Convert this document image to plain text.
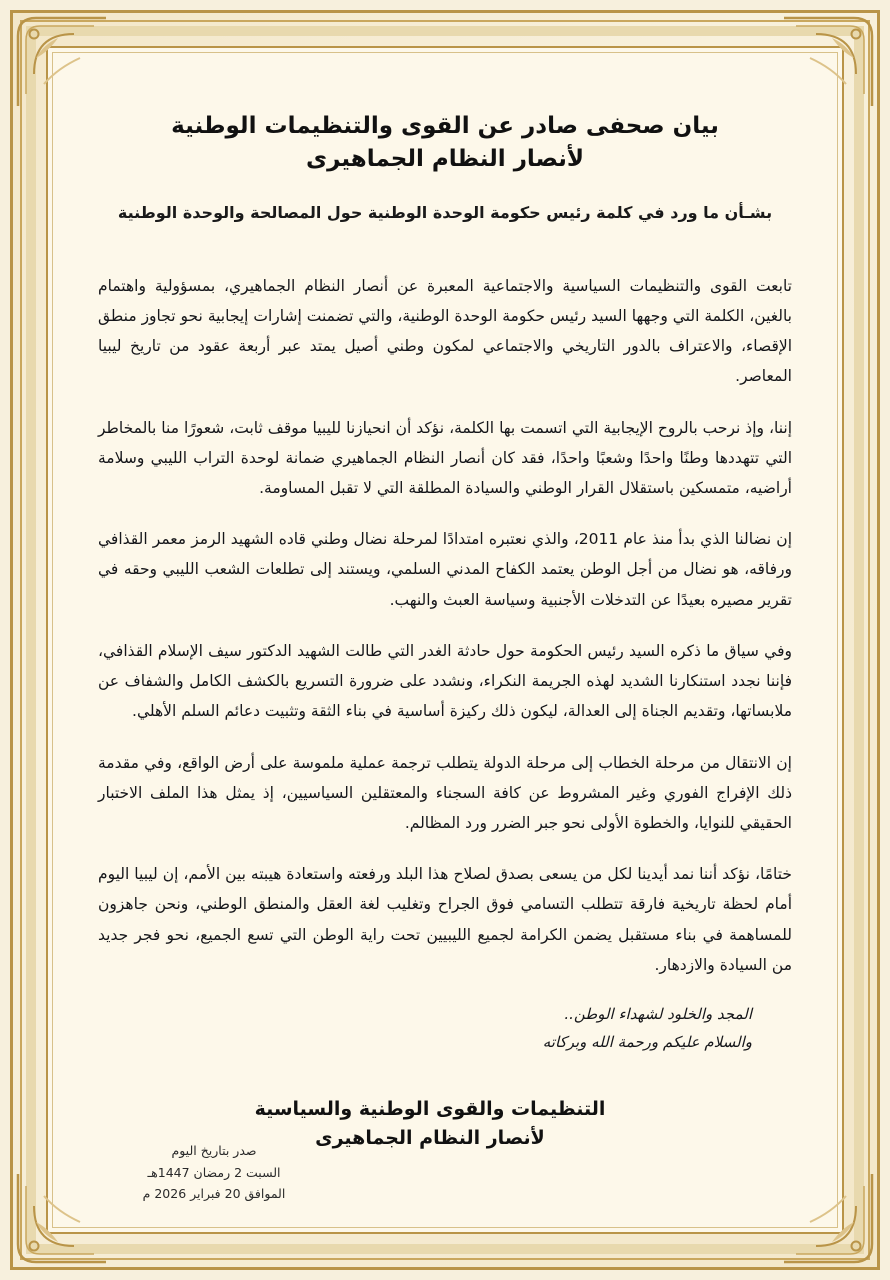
بيان صحفى صادر عن القوى والتنظيمات الوطنية
لأنصار النظام الجماهيرى
بشـأن ما ورد في كلمة رئيس حكومة الوحدة الوطنية حول المصالحة والوحدة الوطنية

تابعت القوى والتنظيمات السياسية والاجتماعية المعبرة عن أنصار النظام الجماهيري، بمسؤولية واهتمام بالغين، الكلمة التي وجهها السيد رئيس حكومة الوحدة الوطنية، والتي تضمنت إشارات إيجابية نحو تجاوز منطق الإقصاء، والاعتراف بالدور التاريخي والاجتماعي لمكون وطني أصيل يمتد عبر أربعة عقود من تاريخ ليبيا المعاصر.

إننا، وإذ نرحب بالروح الإيجابية التي اتسمت بها الكلمة، نؤكد أن انحيازنا لليبيا موقف ثابت، شعورًا منا بالمخاطر التي تتهددها وطنًا واحدًا وشعبًا واحدًا، فقد كان أنصار النظام الجماهيري ضمانة لوحدة التراب الليبي وسلامة أراضيه، متمسكين باستقلال القرار الوطني والسيادة المطلقة التي لا تقبل المساومة.

إن نضالنا الذي بدأ منذ عام 2011، والذي نعتبره امتدادًا لمرحلة نضال وطني قاده الشهيد الرمز معمر القذافي ورفاقه، هو نضال من أجل الوطن يعتمد الكفاح المدني السلمي، ويستند إلى تطلعات الشعب الليبي وحقه في تقرير مصيره بعيدًا عن التدخلات الأجنبية وسياسة العبث والنهب.

وفي سياق ما ذكره السيد رئيس الحكومة حول حادثة الغدر التي طالت الشهيد الدكتور سيف الإسلام القذافي، فإننا نجدد استنكارنا الشديد لهذه الجريمة النكراء، ونشدد على ضرورة التسريع بالكشف الكامل والشفاف عن ملابساتها، وتقديم الجناة إلى العدالة، ليكون ذلك ركيزة أساسية في بناء الثقة وتثبيت دعائم السلم الأهلي.

إن الانتقال من مرحلة الخطاب إلى مرحلة الدولة يتطلب ترجمة عملية ملموسة على أرض الواقع، وفي مقدمة ذلك الإفراج الفوري وغير المشروط عن كافة السجناء والمعتقلين السياسيين، إذ يمثل هذا الملف الاختبار الحقيقي للنوايا، والخطوة الأولى نحو جبر الضرر ورد المظالم.

ختامًا، نؤكد أننا نمد أيدينا لكل من يسعى بصدق لصلاح هذا البلد ورفعته واستعادة هيبته بين الأمم، إن ليبيا اليوم أمام لحظة تاريخية فارقة تتطلب التسامي فوق الجراح وتغليب لغة العقل والمنطق الوطني، ونحن جاهزون للمساهمة في بناء مستقبل يضمن الكرامة لجميع الليبيين تحت راية الوطن التي تسع الجميع، نحو فجر جديد من السيادة والازدهار.

المجد والخلود لشهداء الوطن..
والسلام عليكم ورحمة الله وبركاته
التنظيمات والقوى الوطنية والسياسية
لأنصار النظام الجماهيرى
صدر بتاريخ اليوم
السبت 2 رمضان 1447هـ
الموافق 20 فبراير 2026 م
